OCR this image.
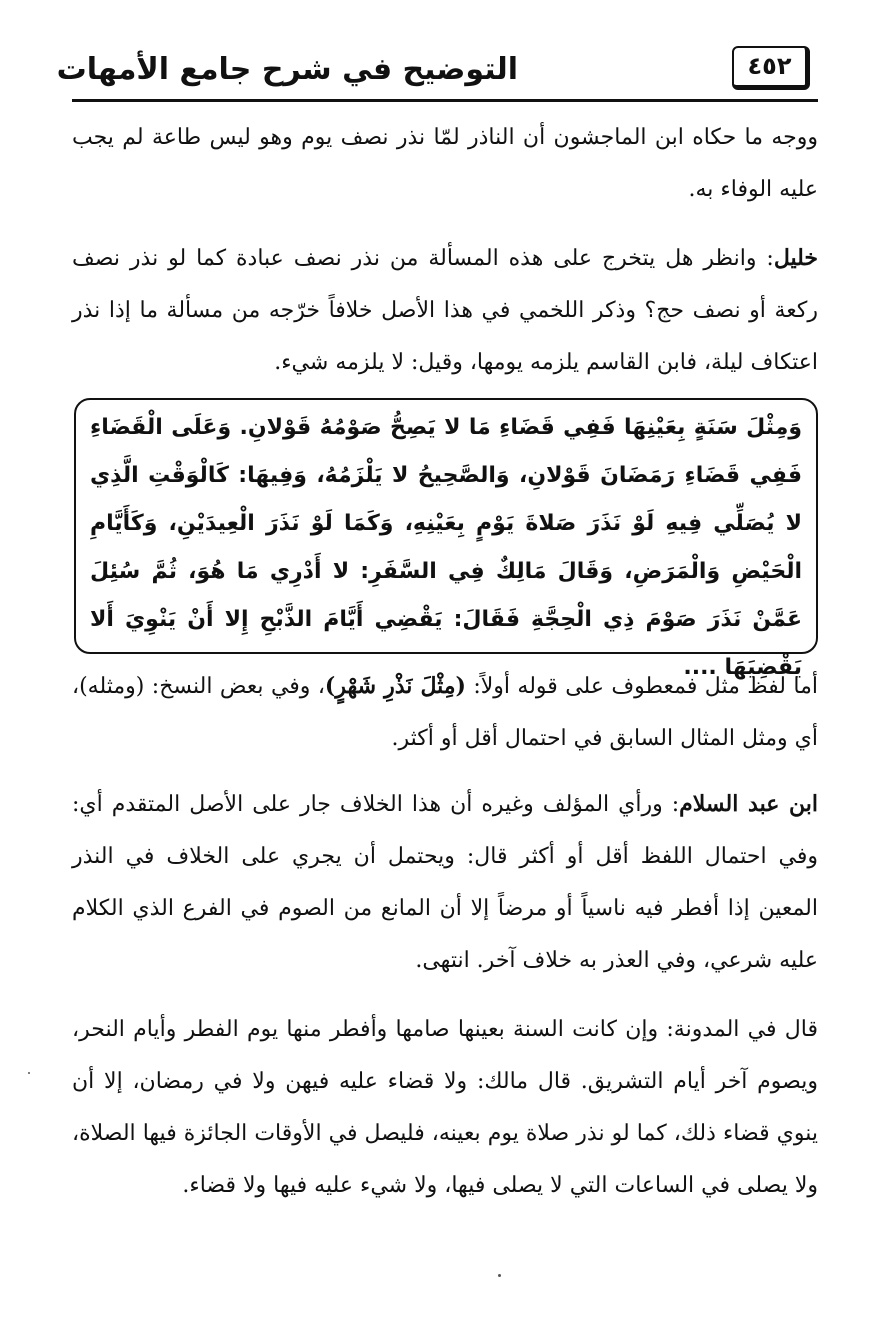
٤٥٢
التوضيح في شرح جامع الأمهات
ووجه ما حكاه ابن الماجشون أن الناذر لمّا نذر نصف يوم وهو ليس طاعة لم يجب عليه الوفاء به.
خليل: وانظر هل يتخرج على هذه المسألة من نذر نصف عبادة كما لو نذر نصف ركعة أو نصف حج؟ وذكر اللخمي في هذا الأصل خلافاً خرّجه من مسألة ما إذا نذر اعتكاف ليلة، فابن القاسم يلزمه يومها، وقيل: لا يلزمه شيء.
وَمِثْلَ سَنَةٍ بِعَيْنِهَا فَفِي قَضَاءِ مَا لا يَصِحُّ صَوْمُهُ قَوْلانِ. وَعَلَى الْقَضَاءِ فَفِي قَضَاءِ رَمَضَانَ قَوْلانِ، وَالصَّحِيحُ لا يَلْزَمُهُ، وَفِيهَا: كَالْوَقْتِ الَّذِي لا يُصَلِّي فِيهِ لَوْ نَذَرَ صَلاةَ يَوْمٍ بِعَيْنِهِ، وَكَمَا لَوْ نَذَرَ الْعِيدَيْنِ، وَكَأَيَّامِ الْحَيْضِ وَالْمَرَضِ، وَقَالَ مَالِكٌ فِي السَّفَرِ: لا أَدْرِي مَا هُوَ، ثُمَّ سُئِلَ عَمَّنْ نَذَرَ صَوْمَ ذِي الْحِجَّةِ فَقَالَ: يَقْضِي أَيَّامَ الذَّبْحِ إِلا أَنْ يَنْوِيَ أَلا يَقْضِيَهَا ....
أما لفظ مثل فمعطوف على قوله أولاً: (مِثْلَ نَذْرِ شَهْرٍ)، وفي بعض النسخ: (ومثله)، أي ومثل المثال السابق في احتمال أقل أو أكثر.
ابن عبد السلام: ورأي المؤلف وغيره أن هذا الخلاف جار على الأصل المتقدم أي: وفي احتمال اللفظ أقل أو أكثر قال: ويحتمل أن يجري على الخلاف في النذر المعين إذا أفطر فيه ناسياً أو مرضاً إلا أن المانع من الصوم في الفرع الذي الكلام عليه شرعي، وفي العذر به خلاف آخر. انتهى.
قال في المدونة: وإن كانت السنة بعينها صامها وأفطر منها يوم الفطر وأيام النحر، ويصوم آخر أيام التشريق. قال مالك: ولا قضاء عليه فيهن ولا في رمضان، إلا أن ينوي قضاء ذلك، كما لو نذر صلاة يوم بعينه، فليصل في الأوقات الجائزة فيها الصلاة، ولا يصلى في الساعات التي لا يصلى فيها، ولا شيء عليه فيها ولا قضاء.
